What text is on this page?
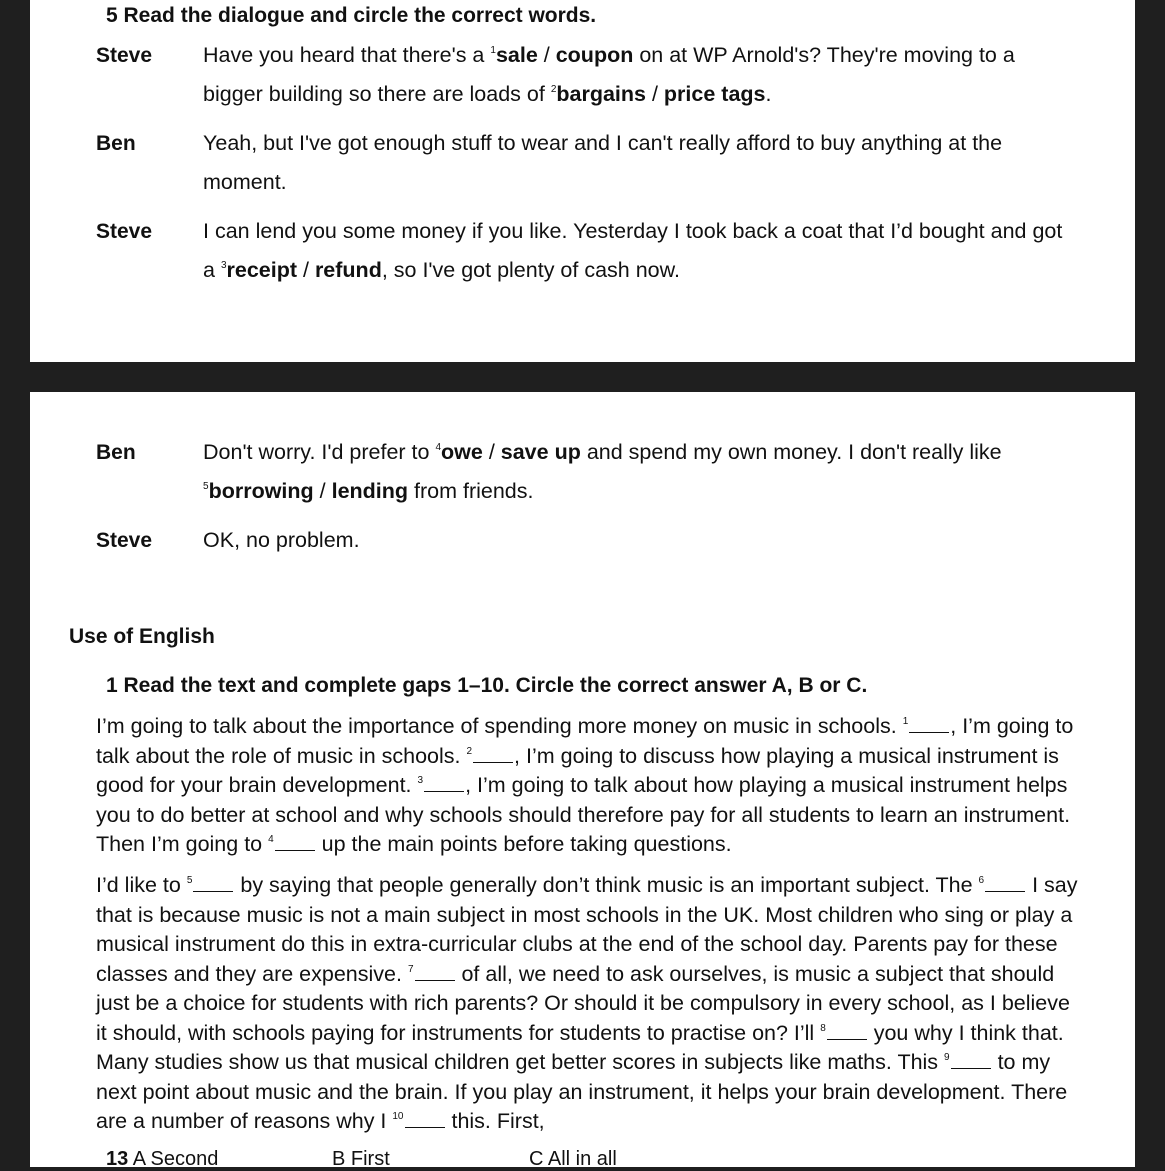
5 Read the dialogue and circle the correct words.
Steve Have you heard that there's a $^1$sale / coupon on at WP Arnold's? They're moving to a
bigger building so there are loads of $^2$bargains / price tags.
Ben	Yeah, but I've got enough stuff to wear and I can't really afford to buy anything at the
moment.
Steve I can lend you some money if you like. Yesterday I took back a coat that I’d bought and got
a $^3$receipt / refund, so I've got plenty of cash now.
Ben	Don't worry. I'd prefer to $^4$owe / save up and spend my own money. I don't really like
$^5$borrowing / lending from friends.
Steve OK, no problem.
Use of English
1 Read the text and complete gaps 1–10. Circle the correct answer A, B or C.
I’m going to talk about the importance of spending more money on music in schools. $^1$ , I’m going to
talk about the role of music in schools. $^2$ , I’m going to discuss how playing a musical instrument is
good for your brain development. $^3$ , I’m going to talk about how playing a musical instrument helps
you to do better at school and why schools should therefore pay for all students to learn an instrument.
Then I’m going to $^4$ up the main points before taking questions.
I’d like to $^5$ by saying that people generally don’t think music is an important subject. The $^6$ I say
that is because music is not a main subject in most schools in the UK. Most children who sing or play a
musical instrument do this in extra-curricular clubs at the end of the school day. Parents pay for these
classes and they are expensive. $^7$ of all, we need to ask ourselves, is music a subject that should
just be a choice for students with rich parents? Or should it be compulsory in every school, as I believe
it should, with schools paying for instruments for students to practise on? I’ll $^8$ you why I think that.
Many studies show us that musical children get better scores in subjects like maths. This $^9$ to my
next point about music and the brain. If you play an instrument, it helps your brain development. There
are a number of reasons why I $^{10}$ this. First,
13 A Second	B First	C All in all
